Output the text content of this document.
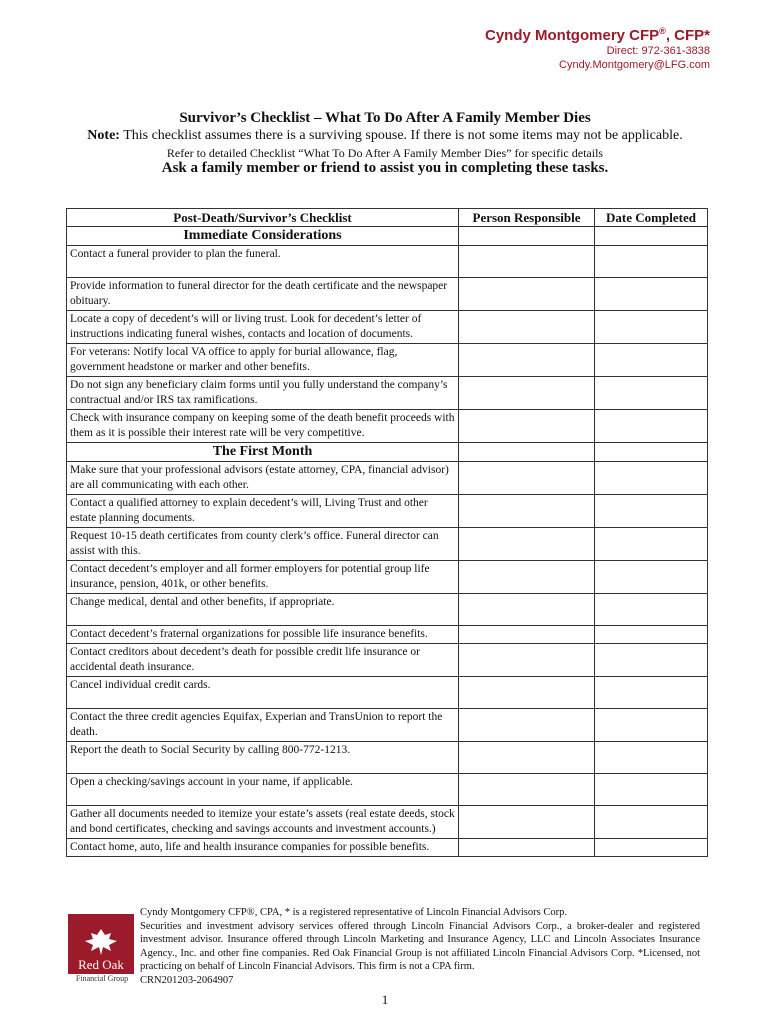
Cyndy Montgomery CFP®, CFP*
Direct: 972-361-3838
Cyndy.Montgomery@LFG.com
Survivor’s Checklist – What To Do After A Family Member Dies
Note: This checklist assumes there is a surviving spouse. If there is not some items may not be applicable.
Refer to detailed Checklist “What To Do After A Family Member Dies” for specific details
Ask a family member or friend to assist you in completing these tasks.
Post-Death/Survivor’s Checklist	Person Responsible	Date Completed
Immediate Considerations		
Contact a funeral provider to plan the funeral.		
Provide information to funeral director for the death certificate and the newspaper obituary.		
Locate a copy of decedent’s will or living trust. Look for decedent’s letter of instructions indicating funeral wishes, contacts and location of documents.		
For veterans: Notify local VA office to apply for burial allowance, flag, government headstone or marker and other benefits.		
Do not sign any beneficiary claim forms until you fully understand the company’s contractual and/or IRS tax ramifications.		
Check with insurance company on keeping some of the death benefit proceeds with them as it is possible their interest rate will be very competitive.		
The First Month		
Make sure that your professional advisors (estate attorney, CPA, financial advisor) are all communicating with each other.		
Contact a qualified attorney to explain decedent’s will, Living Trust and other estate planning documents.		
Request 10-15 death certificates from county clerk’s office. Funeral director can assist with this.		
Contact decedent’s employer and all former employers for potential group life insurance, pension, 401k, or other benefits.		
Change medical, dental and other benefits, if appropriate.		
Contact decedent’s fraternal organizations for possible life insurance benefits.		
Contact creditors about decedent’s death for possible credit life insurance or accidental death insurance.		
Cancel individual credit cards.		
Contact the three credit agencies Equifax, Experian and TransUnion to report the death.		
Report the death to Social Security by calling 800-772-1213.		
Open a checking/savings account in your name, if applicable.		
Gather all documents needed to itemize your estate’s assets (real estate deeds, stock and bond certificates, checking and savings accounts and investment accounts.)		
Contact home, auto, life and health insurance companies for possible benefits.		
Red Oak
Financial Group
Cyndy Montgomery CFP®, CPA, * is a registered representative of Lincoln Financial Advisors Corp.
Securities and investment advisory services offered through Lincoln Financial Advisors Corp., a broker-dealer and registered investment advisor. Insurance offered through Lincoln Marketing and Insurance Agency, LLC and Lincoln Associates Insurance Agency., Inc. and other fine companies. Red Oak Financial Group is not affiliated Lincoln Financial Advisors Corp. *Licensed, not practicing on behalf of Lincoln Financial Advisors. This firm is not a CPA firm.
CRN201203-2064907
1
